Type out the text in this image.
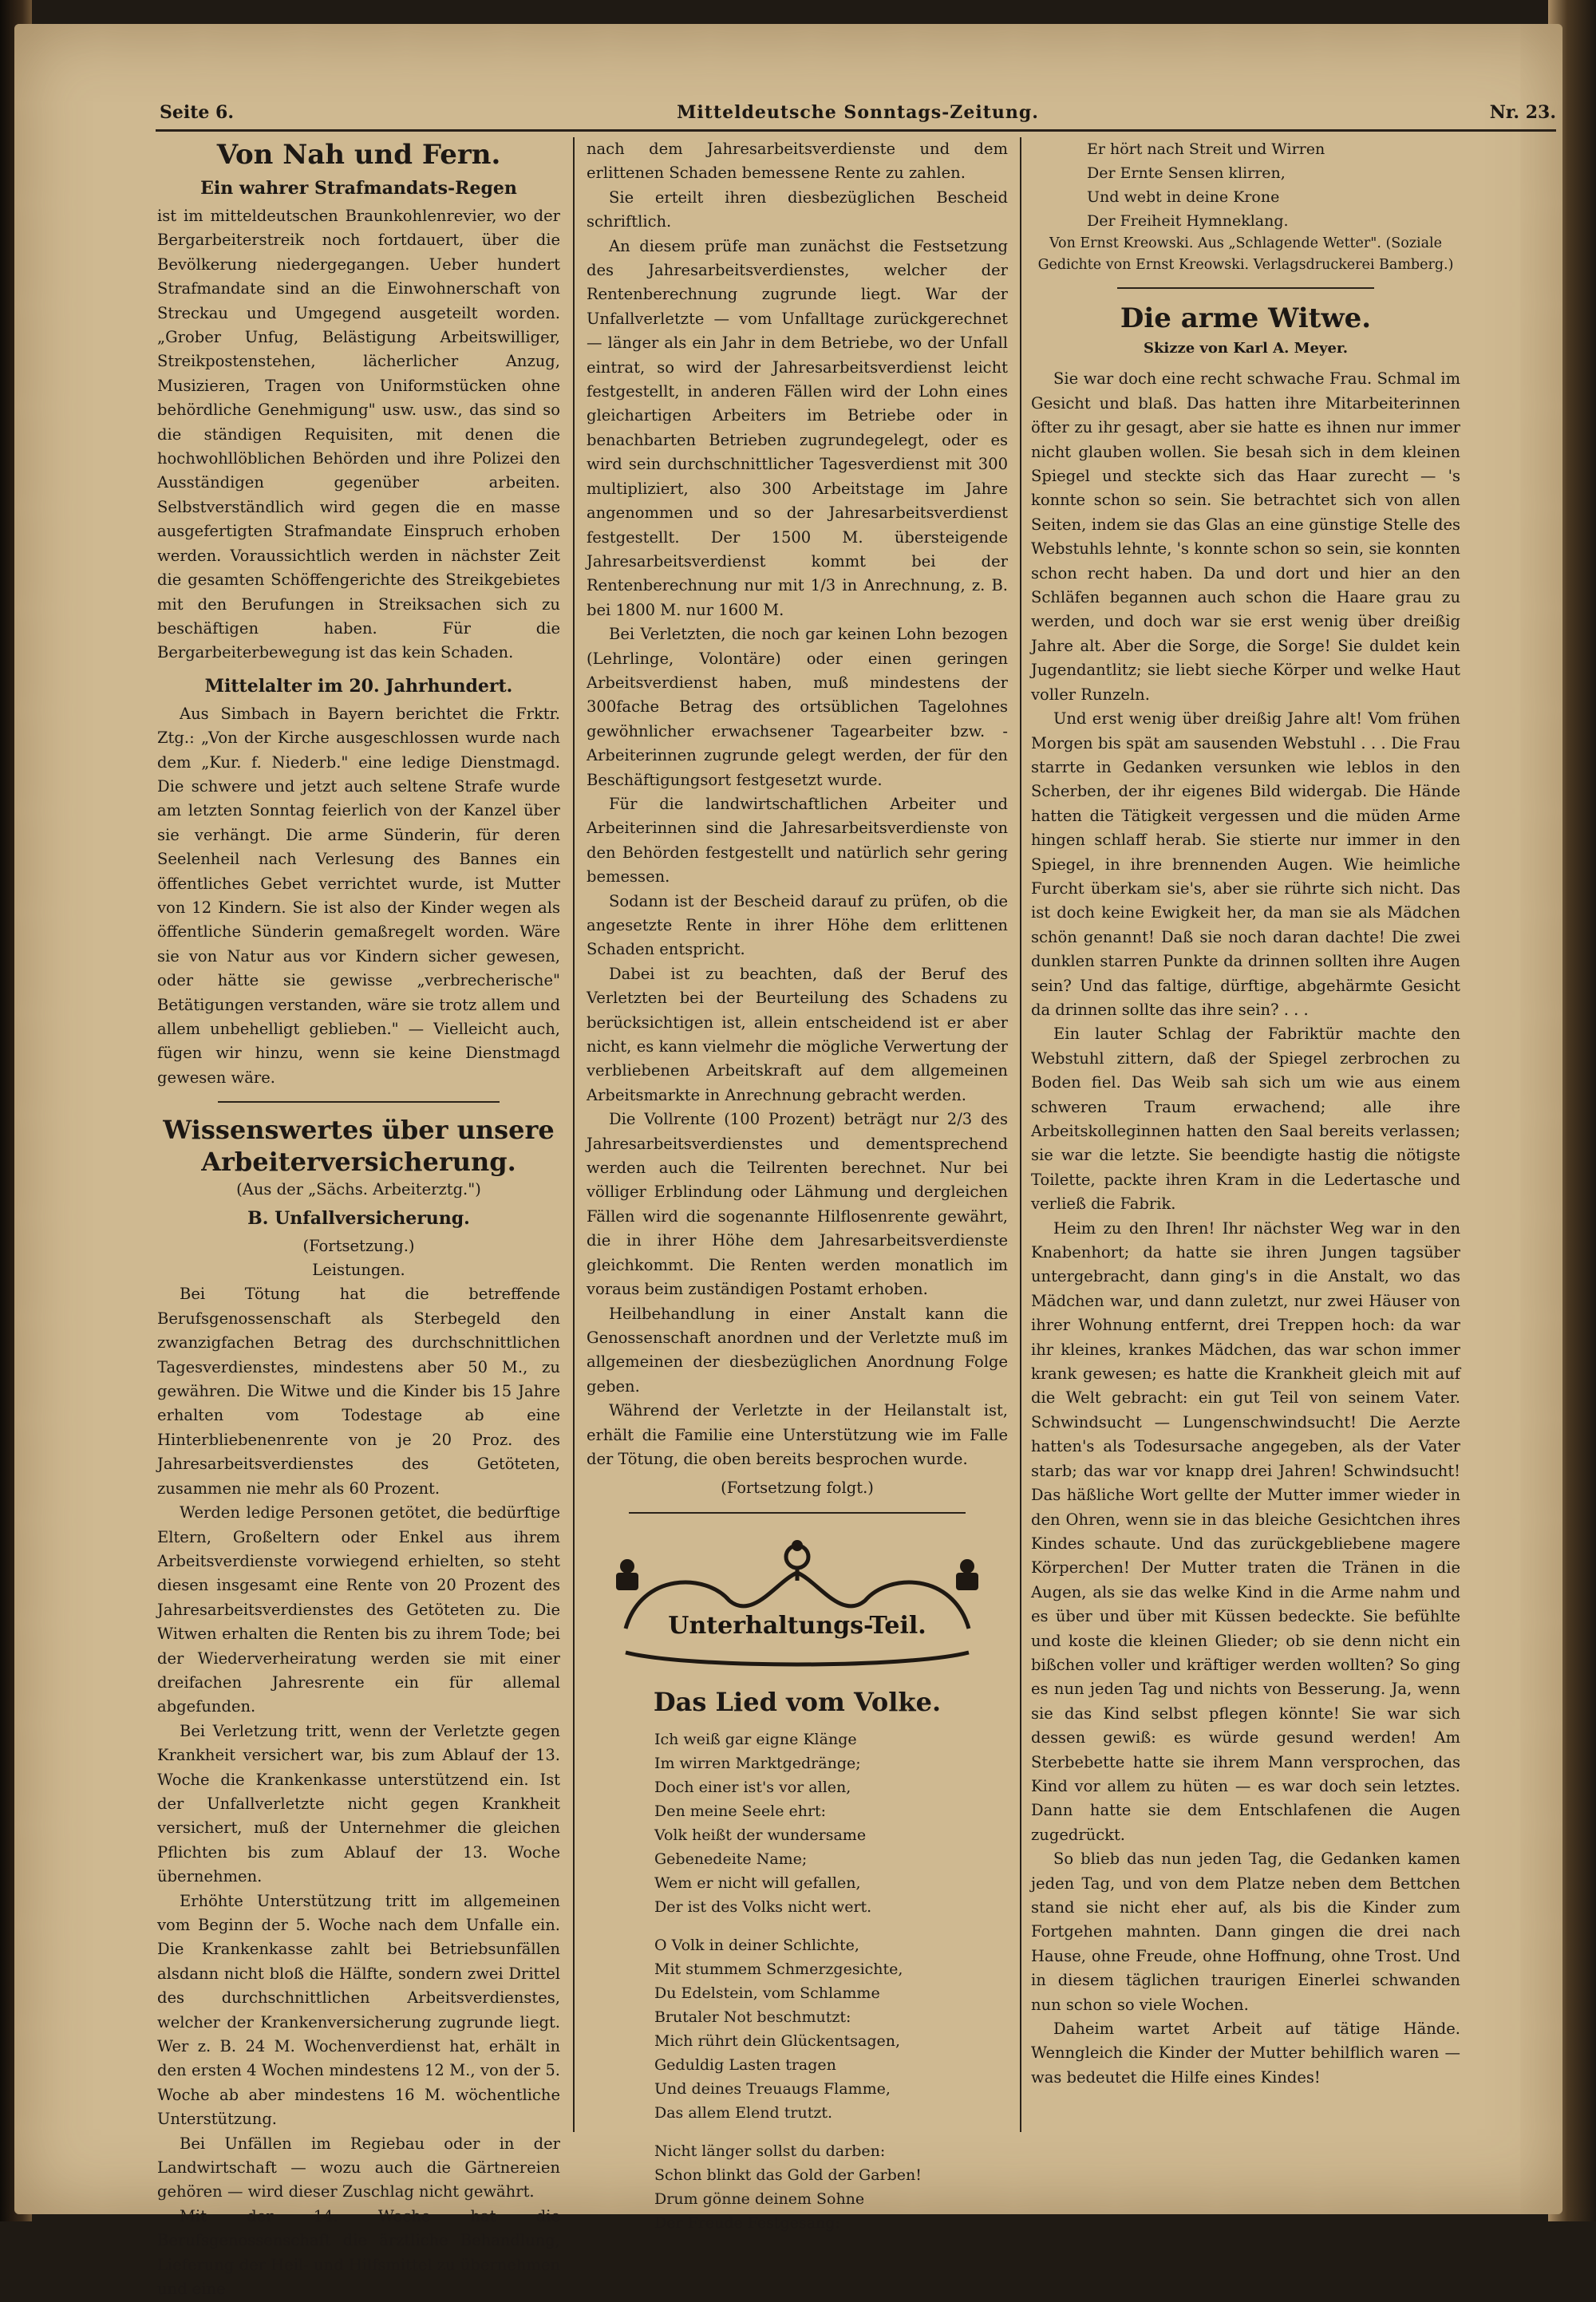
Seite 6.	Mitteldeutsche Sonntags-Zeitung.	Nr. 23.
Von Nah und Fern.
Ein wahrer Strafmandats-Regen

ist im mitteldeutschen Braunkohlenrevier, wo der Bergarbeiterstreik noch fortdauert, über die Bevölkerung niedergegangen. Ueber hundert Strafmandate sind an die Einwohnerschaft von Streckau und Umgegend ausgeteilt worden. „Grober Unfug, Belästigung Arbeitswilliger, Streikpostenstehen, lächerlicher Anzug, Musizieren, Tragen von Uniformstücken ohne behördliche Genehmigung" usw. usw., das sind so die ständigen Requisiten, mit denen die hochwohllöblichen Behörden und ihre Polizei den Ausständigen gegenüber arbeiten. Selbstverständlich wird gegen die en masse ausgefertigten Strafmandate Einspruch erhoben werden. Voraussichtlich werden in nächster Zeit die gesamten Schöffengerichte des Streikgebietes mit den Berufungen in Streiksachen sich zu beschäftigen haben. Für die Bergarbeiterbewegung ist das kein Schaden.

Mittelalter im 20. Jahrhundert.

Aus Simbach in Bayern berichtet die Frktr. Ztg.: „Von der Kirche ausgeschlossen wurde nach dem „Kur. f. Niederb." eine ledige Dienstmagd. Die schwere und jetzt auch seltene Strafe wurde am letzten Sonntag feierlich von der Kanzel über sie verhängt. Die arme Sünderin, für deren Seelenheil nach Verlesung des Bannes ein öffentliches Gebet verrichtet wurde, ist Mutter von 12 Kindern. Sie ist also der Kinder wegen als öffentliche Sünderin gemaßregelt worden. Wäre sie von Natur aus vor Kindern sicher gewesen, oder hätte sie gewisse „verbrecherische" Betätigungen verstanden, wäre sie trotz allem und allem unbehelligt geblieben." — Vielleicht auch, fügen wir hinzu, wenn sie keine Dienstmagd gewesen wäre.

Wissenswertes über unsere Arbeiterversicherung.
(Aus der „Sächs. Arbeiterztg.")
B. Unfallversicherung.
(Fortsetzung.)
Leistungen.

Bei Tötung hat die betreffende Berufsgenossenschaft als Sterbegeld den zwanzigfachen Betrag des durchschnittlichen Tagesverdienstes, mindestens aber 50 M., zu gewähren. Die Witwe und die Kinder bis 15 Jahre erhalten vom Todestage ab eine Hinterbliebenenrente von je 20 Proz. des Jahresarbeitsverdienstes des Getöteten, zusammen nie mehr als 60 Prozent.

Werden ledige Personen getötet, die bedürftige Eltern, Großeltern oder Enkel aus ihrem Arbeitsverdienste vorwiegend erhielten, so steht diesen insgesamt eine Rente von 20 Prozent des Jahresarbeitsverdienstes des Getöteten zu. Die Witwen erhalten die Renten bis zu ihrem Tode; bei der Wiederverheiratung werden sie mit einer dreifachen Jahresrente ein für allemal abgefunden.

Bei Verletzung tritt, wenn der Verletzte gegen Krankheit versichert war, bis zum Ablauf der 13. Woche die Krankenkasse unterstützend ein. Ist der Unfallverletzte nicht gegen Krankheit versichert, muß der Unternehmer die gleichen Pflichten bis zum Ablauf der 13. Woche übernehmen.

Erhöhte Unterstützung tritt im allgemeinen vom Beginn der 5. Woche nach dem Unfalle ein. Die Krankenkasse zahlt bei Betriebsunfällen alsdann nicht bloß die Hälfte, sondern zwei Drittel des durchschnittlichen Arbeitsverdienstes, welcher der Krankenversicherung zugrunde liegt. Wer z. B. 24 M. Wochenverdienst hat, erhält in den ersten 4 Wochen mindestens 12 M., von der 5. Woche ab aber mindestens 16 M. wöchentliche Unterstützung.

Bei Unfällen im Regiebau oder in der Landwirtschaft — wozu auch die Gärtnereien gehören — wird dieser Zuschlag nicht gewährt.

Mit der 14. Woche hat die Berufsgenossenschaft die ärztliche Behandlung, Lieferung der Heil- und Hilfsmittel zu übernehmen und eine

nach dem Jahresarbeitsverdienste und dem erlittenen Schaden bemessene Rente zu zahlen.

Sie erteilt ihren diesbezüglichen Bescheid schriftlich.

An diesem prüfe man zunächst die Festsetzung des Jahresarbeitsverdienstes, welcher der Rentenberechnung zugrunde liegt. War der Unfallverletzte — vom Unfalltage zurückgerechnet — länger als ein Jahr in dem Betriebe, wo der Unfall eintrat, so wird der Jahresarbeitsverdienst leicht festgestellt, in anderen Fällen wird der Lohn eines gleichartigen Arbeiters im Betriebe oder in benachbarten Betrieben zugrundegelegt, oder es wird sein durchschnittlicher Tagesverdienst mit 300 multipliziert, also 300 Arbeitstage im Jahre angenommen und so der Jahresarbeitsverdienst festgestellt. Der 1500 M. übersteigende Jahresarbeitsverdienst kommt bei der Rentenberechnung nur mit 1/3 in Anrechnung, z. B. bei 1800 M. nur 1600 M.

Bei Verletzten, die noch gar keinen Lohn bezogen (Lehrlinge, Volontäre) oder einen geringen Arbeitsverdienst haben, muß mindestens der 300fache Betrag des ortsüblichen Tagelohnes gewöhnlicher erwachsener Tagearbeiter bzw. -Arbeiterinnen zugrunde gelegt werden, der für den Beschäftigungsort festgesetzt wurde.

Für die landwirtschaftlichen Arbeiter und Arbeiterinnen sind die Jahresarbeitsverdienste von den Behörden festgestellt und natürlich sehr gering bemessen.

Sodann ist der Bescheid darauf zu prüfen, ob die angesetzte Rente in ihrer Höhe dem erlittenen Schaden entspricht.

Dabei ist zu beachten, daß der Beruf des Verletzten bei der Beurteilung des Schadens zu berücksichtigen ist, allein entscheidend ist er aber nicht, es kann vielmehr die mögliche Verwertung der verbliebenen Arbeitskraft auf dem allgemeinen Arbeitsmarkte in Anrechnung gebracht werden.

Die Vollrente (100 Prozent) beträgt nur 2/3 des Jahresarbeitsverdienstes und dementsprechend werden auch die Teilrenten berechnet. Nur bei völliger Erblindung oder Lähmung und dergleichen Fällen wird die sogenannte Hilflosenrente gewährt, die in ihrer Höhe dem Jahresarbeitsverdienste gleichkommt. Die Renten werden monatlich im voraus beim zuständigen Postamt erhoben.

Heilbehandlung in einer Anstalt kann die Genossenschaft anordnen und der Verletzte muß im allgemeinen der diesbezüglichen Anordnung Folge geben.

Während der Verletzte in der Heilanstalt ist, erhält die Familie eine Unterstützung wie im Falle der Tötung, die oben bereits besprochen wurde.

(Fortsetzung folgt.)
Unterhaltungs-Teil.
Das Lied vom Volke.
Ich weiß gar eigne Klänge
Im wirren Marktgedränge;
Doch einer ist's vor allen,
Den meine Seele ehrt:
Volk heißt der wundersame
Gebenedeite Name;
Wem er nicht will gefallen,
Der ist des Volks nicht wert.
O Volk in deiner Schlichte,
Mit stummem Schmerzgesichte,
Du Edelstein, vom Schlamme
Brutaler Not beschmutzt:
Mich rührt dein Glückentsagen,
Geduldig Lasten tragen
Und deines Treuaugs Flamme,
Das allem Elend trutzt.
Nicht länger sollst du darben:
Schon blinkt das Gold der Garben!
Drum gönne deinem Sohne
Der Freude Festgesang:
Er hört nach Streit und Wirren
Der Ernte Sensen klirren,
Und webt in deine Krone
Der Freiheit Hymneklang.

Von Ernst Kreowski. Aus „Schlagende Wetter". (Soziale Gedichte von Ernst Kreowski. Verlagsdruckerei Bamberg.)

Die arme Witwe.
Skizze von Karl A. Meyer.

Sie war doch eine recht schwache Frau. Schmal im Gesicht und blaß. Das hatten ihre Mitarbeiterinnen öfter zu ihr gesagt, aber sie hatte es ihnen nur immer nicht glauben wollen. Sie besah sich in dem kleinen Spiegel und steckte sich das Haar zurecht — 's konnte schon so sein. Sie betrachtet sich von allen Seiten, indem sie das Glas an eine günstige Stelle des Webstuhls lehnte, 's konnte schon so sein, sie konnten schon recht haben. Da und dort und hier an den Schläfen begannen auch schon die Haare grau zu werden, und doch war sie erst wenig über dreißig Jahre alt. Aber die Sorge, die Sorge! Sie duldet kein Jugendantlitz; sie liebt sieche Körper und welke Haut voller Runzeln.

Und erst wenig über dreißig Jahre alt! Vom frühen Morgen bis spät am sausenden Webstuhl . . . Die Frau starrte in Gedanken versunken wie leblos in den Scherben, der ihr eigenes Bild widergab. Die Hände hatten die Tätigkeit vergessen und die müden Arme hingen schlaff herab. Sie stierte nur immer in den Spiegel, in ihre brennenden Augen. Wie heimliche Furcht überkam sie's, aber sie rührte sich nicht. Das ist doch keine Ewigkeit her, da man sie als Mädchen schön genannt! Daß sie noch daran dachte! Die zwei dunklen starren Punkte da drinnen sollten ihre Augen sein? Und das faltige, dürftige, abgehärmte Gesicht da drinnen sollte das ihre sein? . . .

Ein lauter Schlag der Fabriktür machte den Webstuhl zittern, daß der Spiegel zerbrochen zu Boden fiel. Das Weib sah sich um wie aus einem schweren Traum erwachend; alle ihre Arbeitskolleginnen hatten den Saal bereits verlassen; sie war die letzte. Sie beendigte hastig die nötigste Toilette, packte ihren Kram in die Ledertasche und verließ die Fabrik.

Heim zu den Ihren! Ihr nächster Weg war in den Knabenhort; da hatte sie ihren Jungen tagsüber untergebracht, dann ging's in die Anstalt, wo das Mädchen war, und dann zuletzt, nur zwei Häuser von ihrer Wohnung entfernt, drei Treppen hoch: da war ihr kleines, krankes Mädchen, das war schon immer krank gewesen; es hatte die Krankheit gleich mit auf die Welt gebracht: ein gut Teil von seinem Vater. Schwindsucht — Lungenschwindsucht! Die Aerzte hatten's als Todesursache angegeben, als der Vater starb; das war vor knapp drei Jahren! Schwindsucht! Das häßliche Wort gellte der Mutter immer wieder in den Ohren, wenn sie in das bleiche Gesichtchen ihres Kindes schaute. Und das zurückgebliebene magere Körperchen! Der Mutter traten die Tränen in die Augen, als sie das welke Kind in die Arme nahm und es über und über mit Küssen bedeckte. Sie befühlte und koste die kleinen Glieder; ob sie denn nicht ein bißchen voller und kräftiger werden wollten? So ging es nun jeden Tag und nichts von Besserung. Ja, wenn sie das Kind selbst pflegen könnte! Sie war sich dessen gewiß: es würde gesund werden! Am Sterbebette hatte sie ihrem Mann versprochen, das Kind vor allem zu hüten — es war doch sein letztes. Dann hatte sie dem Entschlafenen die Augen zugedrückt.

So blieb das nun jeden Tag, die Gedanken kamen jeden Tag, und von dem Platze neben dem Bettchen stand sie nicht eher auf, als bis die Kinder zum Fortgehen mahnten. Dann gingen die drei nach Hause, ohne Freude, ohne Hoffnung, ohne Trost. Und in diesem täglichen traurigen Einerlei schwanden nun schon so viele Wochen.

Daheim wartet Arbeit auf tätige Hände. Wenngleich die Kinder der Mutter behilflich waren — was bedeutet die Hilfe eines Kindes!
